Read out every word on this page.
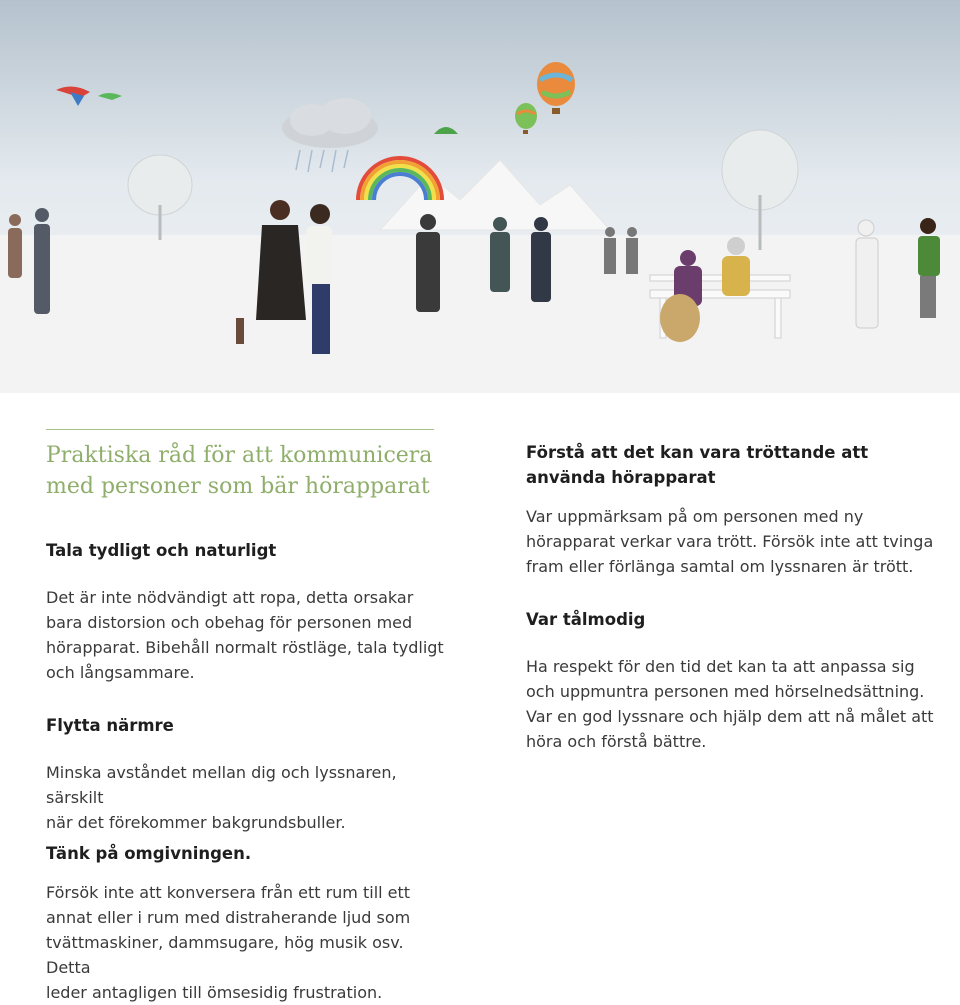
Praktiska råd för att kommunicera
med personer som bär hörapparat
Tala tydligt och naturligt

Det är inte nödvändigt att ropa, detta orsakar

bara distorsion och obehag för personen med

hörapparat. Bibehåll normalt röstläge, tala tydligt

och långsammare.

Flytta närmre

Minska avståndet mellan dig och lyssnaren, särskilt

när det förekommer bakgrundsbuller.

Förstå att det kan vara tröttande att
använda hörapparat

Var uppmärksam på om personen med ny

hörapparat verkar vara trött. Försök inte att tvinga

fram eller förlänga samtal om lyssnaren är trött.

Var tålmodig

Ha respekt för den tid det kan ta att anpassa sig

och uppmuntra personen med hörselnedsättning.

Var en god lyssnare och hjälp dem att nå målet att

höra och förstå bättre.

Tänk på omgivningen.

Försök inte att konversera från ett rum till ett

annat eller i rum med distraherande ljud som

tvättmaskiner, dammsugare, hög musik osv. Detta

leder antagligen till ömsesidig frustration.
